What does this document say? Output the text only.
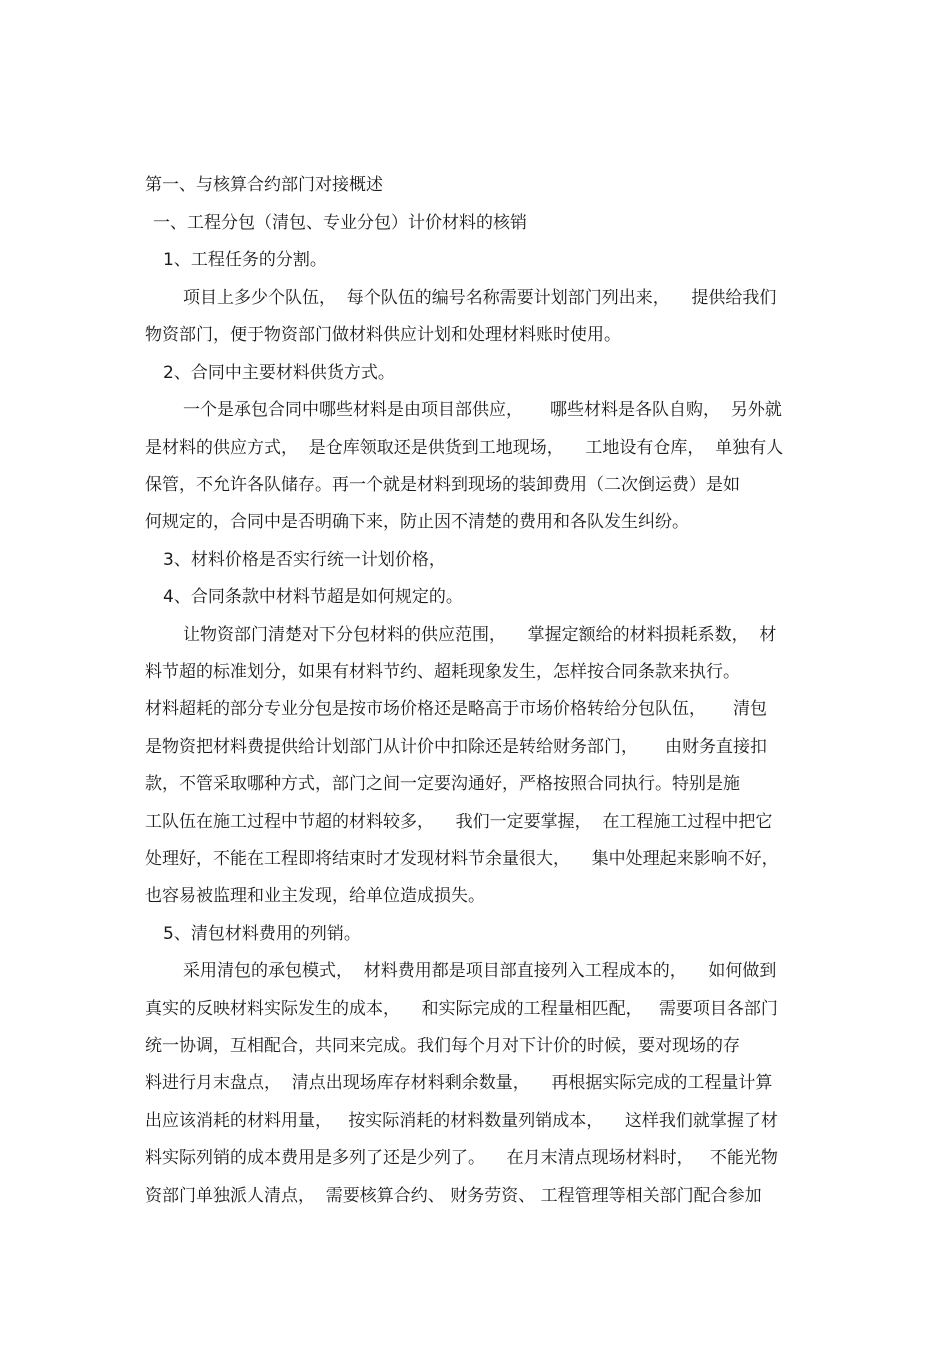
第一、与核算合约部门对接概述
一、工程分包（清包、专业分包）计价材料的核销
1、工程任务的分割。
项目上多少个队伍，  每个队伍的编号名称需要计划部门列出来，    提供给我们
物资部门，便于物资部门做材料供应计划和处理材料账时使用。
2、合同中主要材料供货方式。
一个是承包合同中哪些材料是由项目部供应，     哪些材料是各队自购，  另外就
是材料的供应方式，  是仓库领取还是供货到工地现场，    工地设有仓库，  单独有人
保管，不允许各队储存。再一个就是材料到现场的装卸费用（二次倒运费）是如
何规定的，合同中是否明确下来，防止因不清楚的费用和各队发生纠纷。
3、材料价格是否实行统一计划价格，
4、合同条款中材料节超是如何规定的。
让物资部门清楚对下分包材料的供应范围，    掌握定额给的材料损耗系数，  材
料节超的标准划分，如果有材料节约、超耗现象发生，怎样按合同条款来执行。
材料超耗的部分专业分包是按市场价格还是略高于市场价格转给分包队伍，     清包
是物资把材料费提供给计划部门从计价中扣除还是转给财务部门，     由财务直接扣
款，不管采取哪种方式，部门之间一定要沟通好，严格按照合同执行。特别是施
工队伍在施工过程中节超的材料较多，    我们一定要掌握，  在工程施工过程中把它
处理好，不能在工程即将结束时才发现材料节余量很大，    集中处理起来影响不好，
也容易被监理和业主发现，给单位造成损失。
5、清包材料费用的列销。
采用清包的承包模式，  材料费用都是项目部直接列入工程成本的，    如何做到
真实的反映材料实际发生的成本，    和实际完成的工程量相匹配，   需要项目各部门
统一协调，互相配合，共同来完成。我们每个月对下计价的时候，要对现场的存
料进行月末盘点，  清点出现场库存材料剩余数量，    再根据实际完成的工程量计算
出应该消耗的材料用量，   按实际消耗的材料数量列销成本，    这样我们就掌握了材
料实际列销的成本费用是多列了还是少列了。    在月末清点现场材料时，   不能光物
资部门单独派人清点，  需要核算合约、 财务劳资、 工程管理等相关部门配合参加
